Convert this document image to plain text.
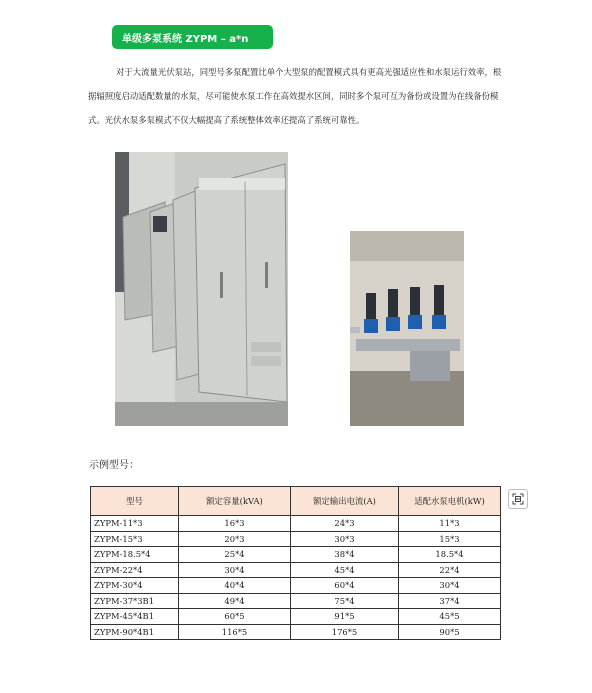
单级多泵系统 ZYPM – a*n

对于大流量光伏泵站，同型号多泵配置比单个大型泵的配置模式具有更高光强适应性和水泵运行效率，根据辐照度启动适配数量的水泵，尽可能使水泵工作在高效提水区间，同时多个泵可互为备份或设置为在线备份模式。光伏水泵多泵模式不仅大幅提高了系统整体效率还提高了系统可靠性。

示例型号：

型号	额定容量(kVA)	额定输出电流(A)	适配水泵电机(kW)
ZYPM-11*3	16*3	24*3	11*3
ZYPM-15*3	20*3	30*3	15*3
ZYPM-18.5*4	25*4	38*4	18.5*4
ZYPM-22*4	30*4	45*4	22*4
ZYPM-30*4	40*4	60*4	30*4
ZYPM-37*3B1	49*4	75*4	37*4
ZYPM-45*4B1	60*5	91*5	45*5
ZYPM-90*4B1	116*5	176*5	90*5
